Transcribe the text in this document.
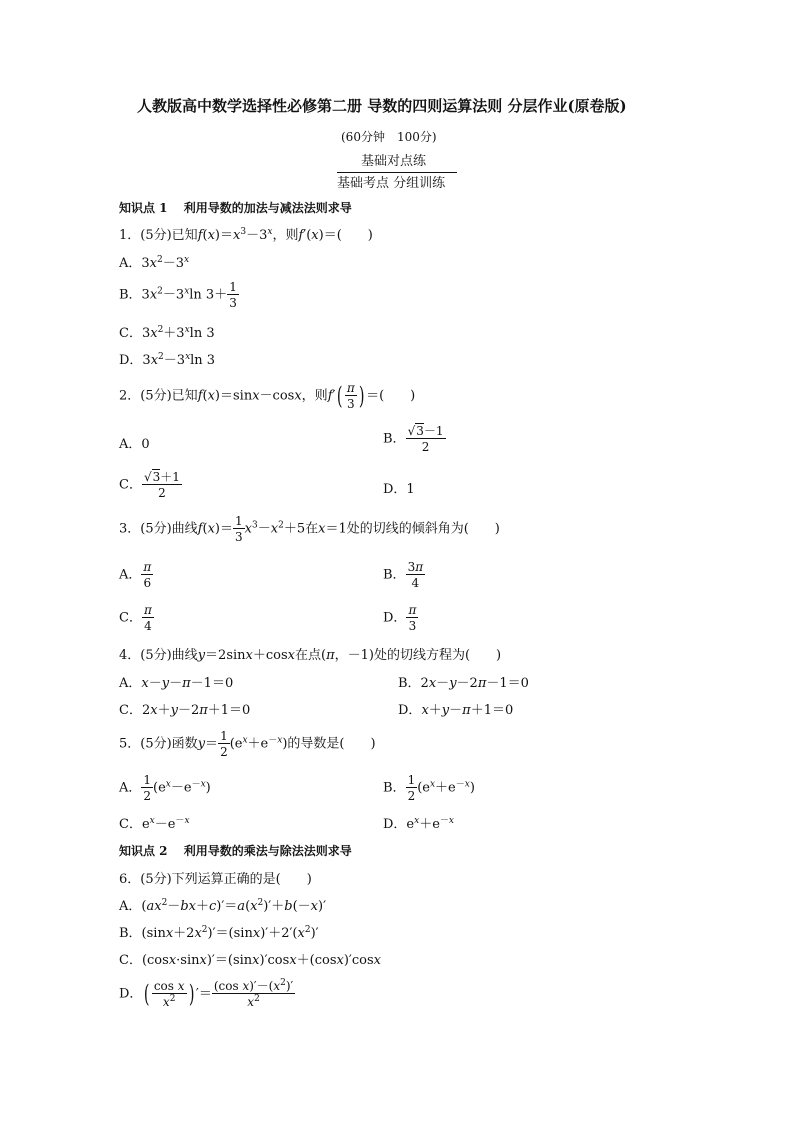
人教版高中数学选择性必修第二册 导数的四则运算法则 分层作业(原卷版)
(60分钟　100分)
基础对点练
基础考点 分组训练
知识点 1　 利用导数的加法与减法法则求导
1．(5分)已知$f(x)=x^3-3^x$，则f′(x)＝(　　)
A．$3x^2-3^x$
B．$3x^2-3^x\ln$ $3+ \frac{1}{3}$
C．$3x^2+3^x\ln$ 3
D．$3x^2-3^x\ln$ 3
2．(5分)已知f(x)＝sinx－cosx，则$f'( \frac{\pi}{3}$ ) ＝(　　)
A．0	B． $\frac{√3-1}{2}$
C． $\frac{√3+1}{2}$	D．1
3．(5分)曲线$f(x)= \frac{1}{3} x^3-x^2+5$在x＝1处的切线的倾斜角为(　　)
A． $\frac{\pi}{6}$	B． $\frac{3\pi}{4}$
C． $\frac{\pi}{4}$	D． $\frac{\pi}{3}$
4．(5分)曲线y＝2sinx＋cosx在点(π，－1)处的切线方程为(　　)
A．x－y－π－1＝0	B．2x－y－2π－1＝0
C．2x＋y－2π＋1＝0	D．x＋y－π＋1＝0
5．(5分)函数$y= \frac{1}{2} (e^x+e^{-x})$的导数是(　　)
A． $\frac{1}{2} (e^x-e^{-x})$	B． $\frac{1}{2} (e^x+e^{-x})$
C．$e^x-e^{-x}$	D．$e^x+e^{-x}$
知识点 2　 利用导数的乘法与除法法则求导
6．(5分)下列运算正确的是(　　)
A．$(ax^2-bx+c)'=a(x^2)'+b(-x)'$
B．$(\sin x+2x^2)'=(\sin x)'+2'(x^2)'$
C．(cosx·sinx)′＝(sinx)′cosx＋(cosx)′cosx
D．( $\frac{\text{cos x}}{x^2}$ ) ′＝ $\frac{(\cos x)'-(x^2)'}{x^2}$
